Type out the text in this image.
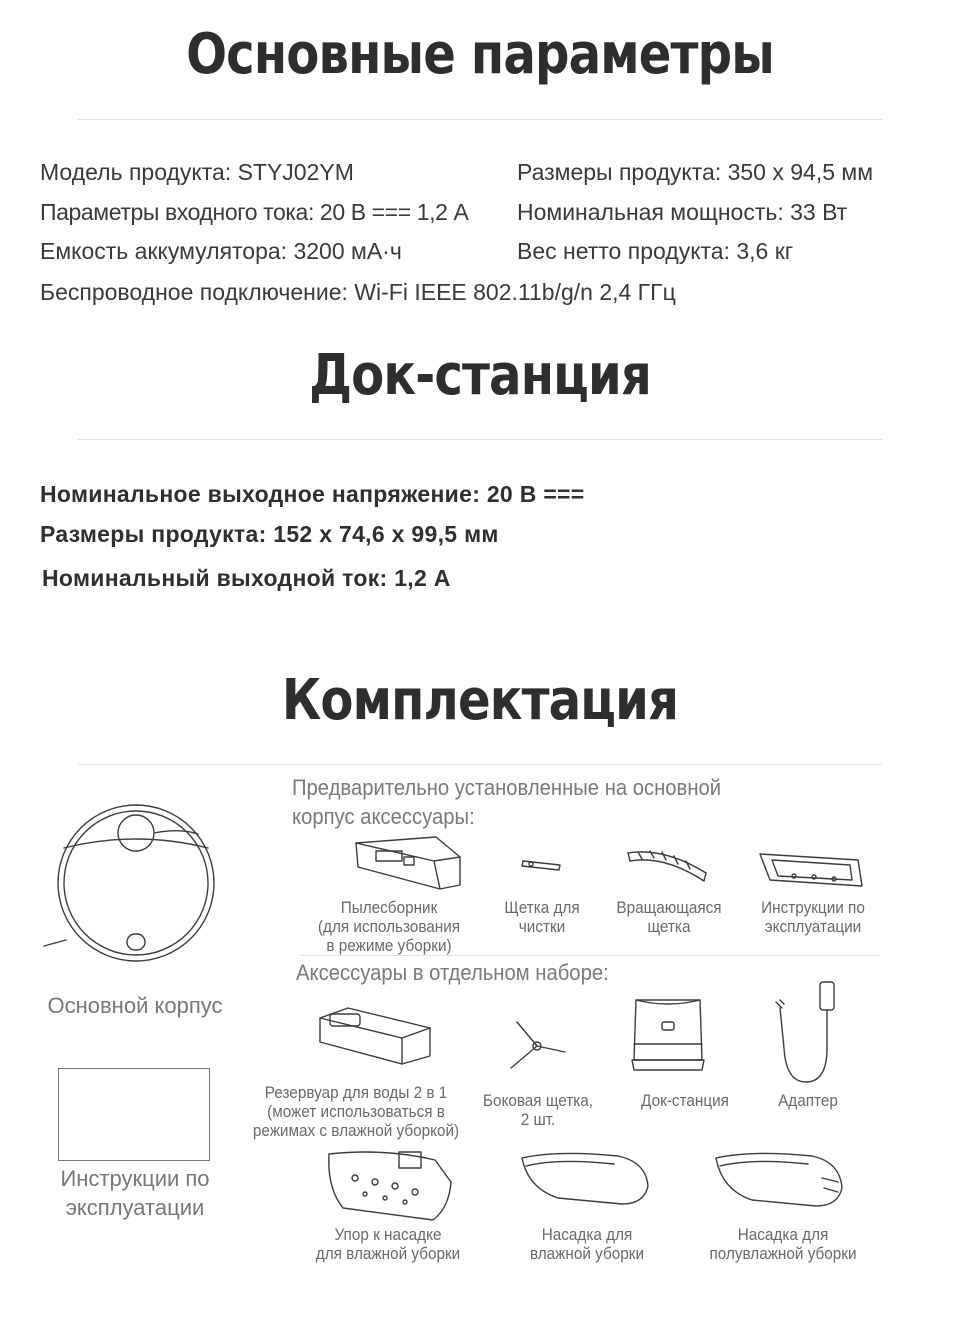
Основные параметры
Модель продукта: STYJ02YM	Размеры продукта: 350 x 94,5 мм
Параметры входного тока: 20 В === 1,2 А Номинальная мощность: 33 Вт
Емкость аккумулятора: 3200 мА·ч	Вес нетто продукта: 3,6 кг
Беспроводное подключение: Wi-Fi IEEE 802.11b/g/n 2,4 ГГц
Док-станция
Номинальное выходное напряжение: 20 В ===
Размеры продукта: 152 x 74,6 x 99,5 мм
Номинальный выходной ток: 1,2 А
Комплектация
Основной корпус
Инструкции по
эксплуатации
Предварительно установленные на основной
корпус аксессуары:
Пылесборник
(для использования
в режиме уборки)
Щетка для
чистки
Вращающаяся
щетка
Инструкции по
эксплуатации
Аксессуары в отдельном наборе:
Резервуар для воды 2 в 1
(может использоваться в
режимах с влажной уборкой)
Боковая щетка,
2 шт.
Док-станция	Адаптер
Упор к насадке
для влажной уборки
Насадка для
влажной уборки
Насадка для
полувлажной уборки
